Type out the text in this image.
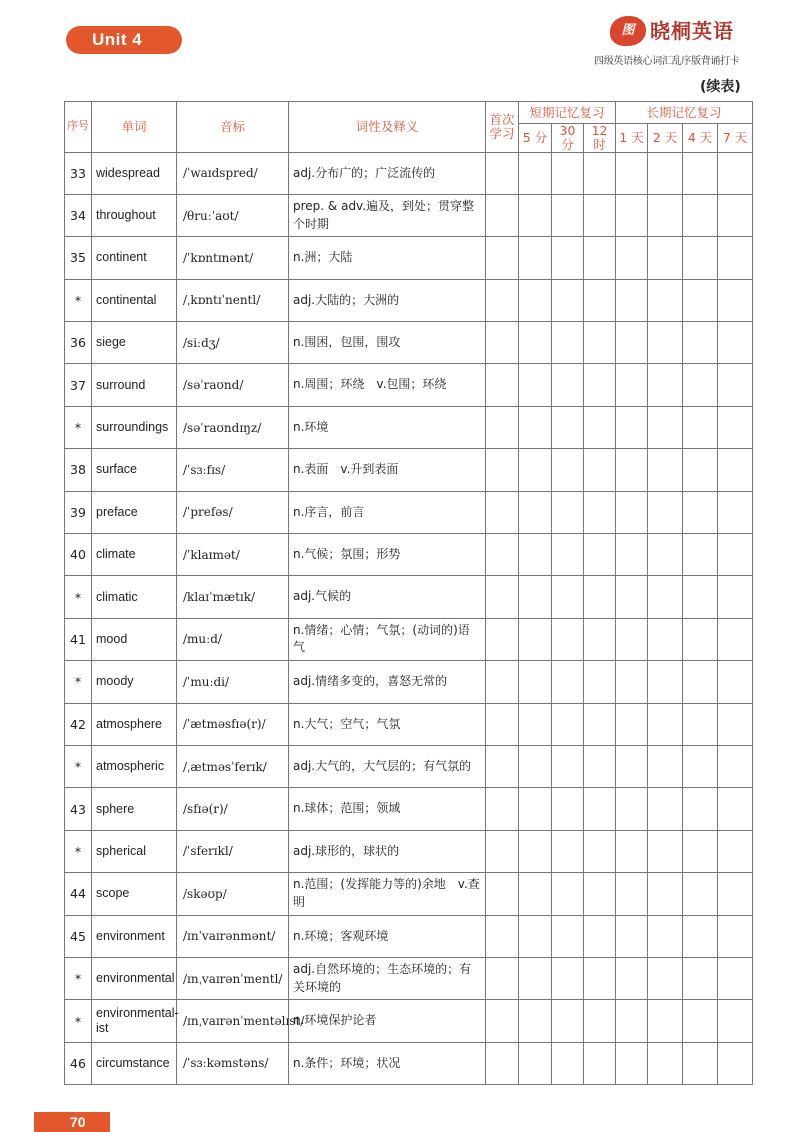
Unit 4	图 晓桐英语
四级英语核心词汇乱序版背诵打卡
(续表)
序号	单词	音标	词性及释义	首次学习	短期记忆复习			长期记忆复习			
					5 分	30 分	12 时	1 天	2 天	4 天	7 天
33	widespread	/ˈwaɪdspred/	adj.分布广的；广泛流传的								
34	throughout	/θruːˈaʊt/	prep. & adv.遍及，到处；贯穿整个时期								
35	continent	/ˈkɒntɪnənt/	n.洲；大陆								
*	continental	/ˌkɒntɪˈnentl/	adj.大陆的；大洲的								
36	siege	/siːdʒ/	n.围困，包围，围攻								
37	surround	/səˈraʊnd/	n.周围；环绕　v.包围；环绕								
*	surroundings	/səˈraʊndɪŋz/	n.环境								
38	surface	/ˈsɜːfɪs/	n.表面　v.升到表面								
39	preface	/ˈprefəs/	n.序言，前言								
40	climate	/ˈklaɪmət/	n.气候；氛围；形势								
*	climatic	/klaɪˈmætɪk/	adj.气候的								
41	mood	/muːd/	n.情绪；心情；气氛；(动词的)语气								
*	moody	/ˈmuːdi/	adj.情绪多变的，喜怒无常的								
42	atmosphere	/ˈætməsfɪə(r)/	n.大气；空气；气氛								
*	atmospheric	/ˌætməsˈferɪk/	adj.大气的，大气层的；有气氛的								
43	sphere	/sfɪə(r)/	n.球体；范围；领域								
*	spherical	/ˈsferɪkl/	adj.球形的，球状的								
44	scope	/skəʊp/	n.范围；(发挥能力等的)余地　v.查明								
45	environment	/ɪnˈvaɪrənmənt/	n.环境；客观环境								
*	environmental	/ɪnˌvaɪrənˈmentl/	adj.自然环境的；生态环境的；有关环境的								
*	environmental-ist	/ɪnˌvaɪrənˈmentəlɪst/	n.环境保护论者								
46	circumstance	/ˈsɜːkəmstəns/	n.条件；环境；状况								
70
